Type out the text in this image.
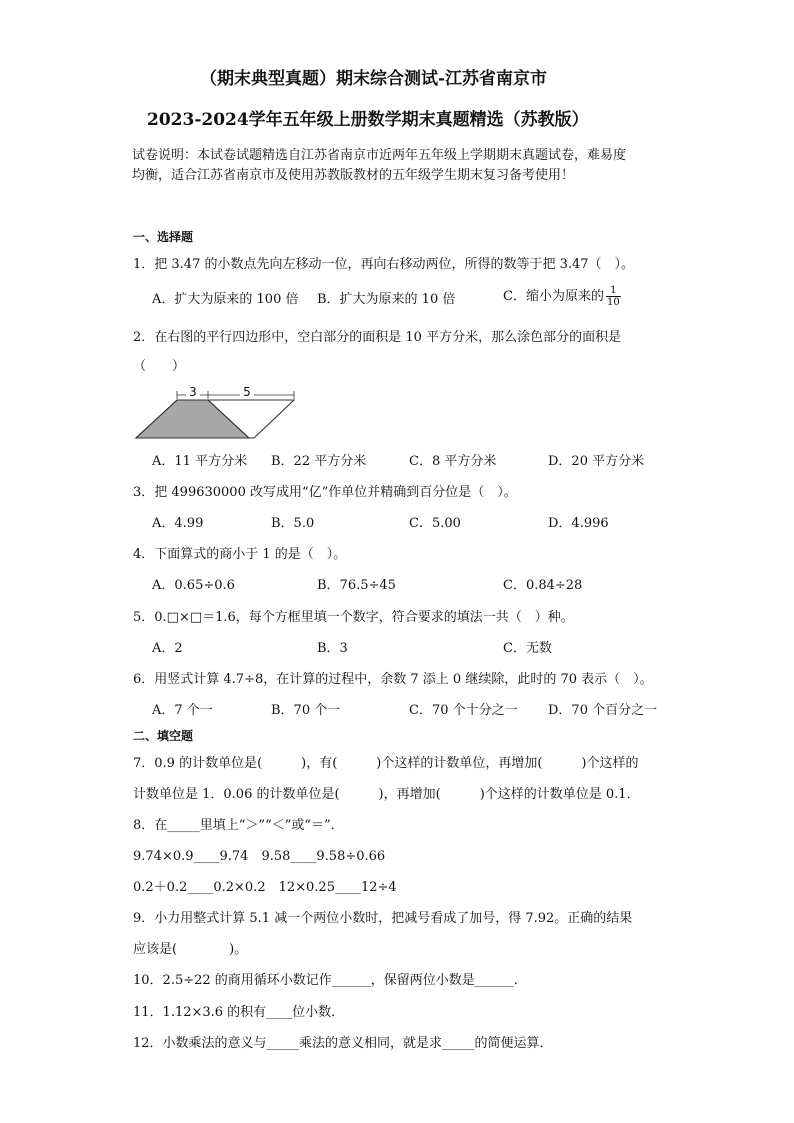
（期末典型真题）期末综合测试-江苏省南京市
2023-2024学年五年级上册数学期末真题精选（苏教版）
试卷说明：本试卷试题精选自江苏省南京市近两年五年级上学期期末真题试卷，难易度
均衡，适合江苏省南京市及使用苏教版教材的五年级学生期末复习备考使用！
一、选择题
1．把 3.47 的小数点先向左移动一位，再向右移动两位，所得的数等于把 3.47（　）。
A．扩大为原来的 100 倍 B．扩大为原来的 10 倍	C．缩小为原来的 $\frac{1}{10}$
2．在右图的平行四边形中，空白部分的面积是 10 平方分米，那么涂色部分的面积是
（　　）
3	5
A．11 平方分米 B．22 平方分米	C．8 平方分米	D．20 平方分米
3．把 499630000 改写成用“亿”作单位并精确到百分位是（　）。
A．4.99	B．5.0	C．5.00	D．4.996
4．下面算式的商小于 1 的是（　）。
A．0.65÷0.6	B．76.5÷45	C．0.84÷28
5．0.□×□＝1.6，每个方框里填一个数字，符合要求的填法一共（　）种。
A．2	B．3	C．无数
6．用竖式计算 4.7÷8，在计算的过程中，余数 7 添上 0 继续除，此时的 70 表示（　）。
A．7 个一	B．70 个一	C．70 个十分之一 D．70 个百分之一
二、填空题
7．0.9 的计数单位是(　　　)，有(　　　)个这样的计数单位，再增加(　　　)个这样的
计数单位是 1．0.06 的计数单位是(　　　)，再增加(　　　)个这样的计数单位是 0.1．
8．在_____里填上“＞”“＜”或“＝”．
9.74×0.9____9.74　9.58____9.58÷0.66
0.2＋0.2____0.2×0.2　12×0.25____12÷4
9．小力用整式计算 5.1 减一个两位小数时，把减号看成了加号，得 7.92。正确的结果
应该是(　　　　)。
10．2.5÷22 的商用循环小数记作______，保留两位小数是______．
11．1.12×3.6 的积有____位小数．
12．小数乘法的意义与_____乘法的意义相同，就是求_____的简便运算．
